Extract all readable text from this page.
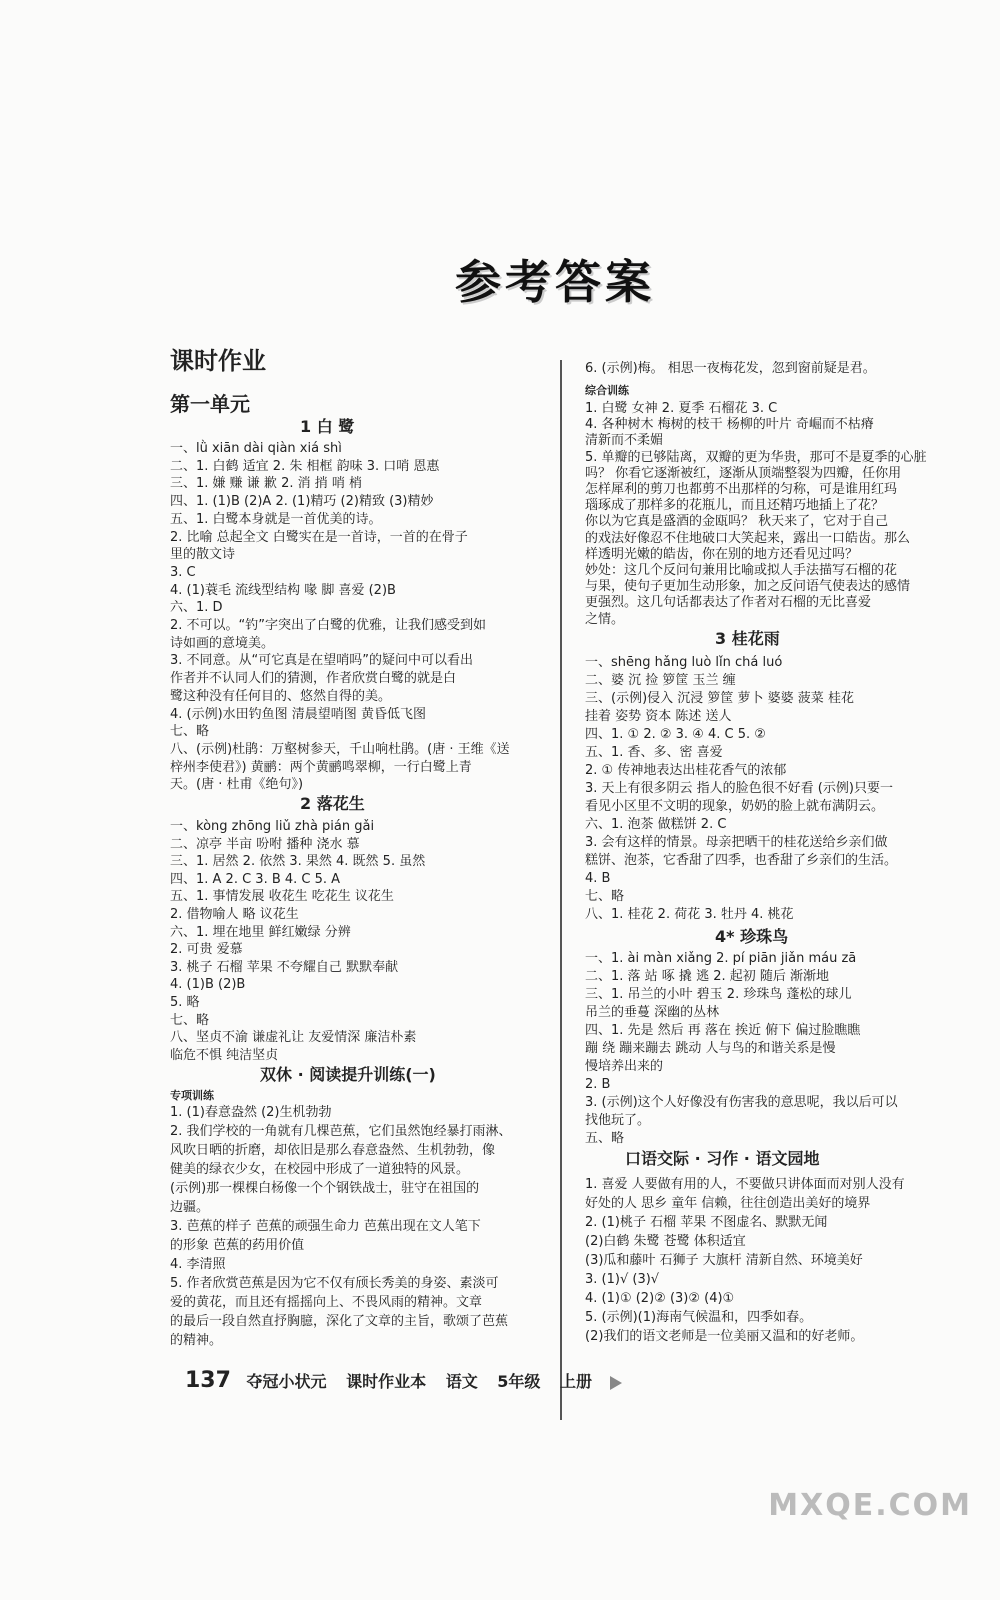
参考答案
课时作业
第一单元
1 白 鹭
一、lǜ xiān dài qiàn xiá shì
二、1. 白鹤 适宜 2. 朱 相框 韵味 3. 口哨 恩惠
三、1. 嫌 赚 谦 歉 2. 消 捎 哨 梢
四、1. (1)B (2)A 2. (1)精巧 (2)精致 (3)精妙
五、1. 白鹭本身就是一首优美的诗。
2. 比喻 总起全文 白鹭实在是一首诗，一首的在骨子
里的散文诗
3. C
4. (1)蓑毛 流线型结构 喙 脚 喜爱 (2)B
六、1. D
2. 不可以。“钓”字突出了白鹭的优雅，让我们感受到如
诗如画的意境美。
3. 不同意。从“可它真是在望哨吗”的疑问中可以看出
作者并不认同人们的猜测，作者欣赏白鹭的就是白
鹭这种没有任何目的、悠然自得的美。
4. (示例)水田钓鱼图 清晨望哨图 黄昏低飞图
七、略
八、(示例)杜鹃：万壑树参天，千山响杜鹃。(唐 · 王维《送
梓州李使君》) 黄鹂：两个黄鹂鸣翠柳，一行白鹭上青
天。(唐 · 杜甫《绝句》)
2 落花生
一、kòng zhōng liǔ zhà pián gǎi
二、凉亭 半亩 吩咐 播种 浇水 慕
三、1. 居然 2. 依然 3. 果然 4. 既然 5. 虽然
四、1. A 2. C 3. B 4. C 5. A
五、1. 事情发展 收花生 吃花生 议花生
2. 借物喻人 略 议花生
六、1. 埋在地里 鲜红嫩绿 分辨
2. 可贵 爱慕
3. 桃子 石榴 苹果 不夸耀自己 默默奉献
4. (1)B (2)B
5. 略
七、略
八、坚贞不渝 谦虚礼让 友爱情深 廉洁朴素
临危不惧 纯洁坚贞
双休 · 阅读提升训练(一)
专项训练
1. (1)春意盎然 (2)生机勃勃
2. 我们学校的一角就有几棵芭蕉，它们虽然饱经暴打雨淋、
风吹日晒的折磨，却依旧是那么春意盎然、生机勃勃，像
健美的绿衣少女，在校园中形成了一道独特的风景。
(示例)那一棵棵白杨像一个个钢铁战士，驻守在祖国的
边疆。
3. 芭蕉的样子 芭蕉的顽强生命力 芭蕉出现在文人笔下
的形象 芭蕉的药用价值
4. 李清照
5. 作者欣赏芭蕉是因为它不仅有颀长秀美的身姿、素淡可
爱的黄花，而且还有摇摇向上、不畏风雨的精神。文章
的最后一段自然直抒胸臆，深化了文章的主旨，歌颂了芭蕉
的精神。
6. (示例)梅。 相思一夜梅花发，忽到窗前疑是君。
综合训练
1. 白鹭 女神 2. 夏季 石榴花 3. C
4. 各种树木 梅树的枝干 杨柳的叶片 奇崛而不枯瘠
清新而不柔媚
5. 单瓣的已够陆离，双瓣的更为华贵，那可不是夏季的心脏
吗？ 你看它逐渐被红，逐渐从顶端整裂为四瓣，任你用
怎样犀利的剪刀也都剪不出那样的匀称，可是谁用红玛
瑙琢成了那样多的花瓶儿，而且还精巧地插上了花？
你以为它真是盛酒的金瓯吗？ 秋天来了，它对于自己
的戏法好像忍不住地破口大笑起来，露出一口皓齿。那么
样透明光嫩的皓齿，你在别的地方还看见过吗？
妙处：这几个反问句兼用比喻或拟人手法描写石榴的花
与果，使句子更加生动形象，加之反问语气使表达的感情
更强烈。这几句话都表达了作者对石榴的无比喜爱
之情。
3 桂花雨
一、shēng hǎng luò lǐn chá luó
二、婆 沉 捡 箩筐 玉兰 缠
三、(示例)侵入 沉浸 箩筐 萝卜 婆婆 菠菜 桂花
挂着 姿势 资本 陈述 送人
四、1. ① 2. ② 3. ④ 4. C 5. ②
五、1. 香、多、密 喜爱
2. ① 传神地表达出桂花香气的浓郁
3. 天上有很多阴云 指人的脸色很不好看 (示例)只要一
看见小区里不文明的现象，奶奶的脸上就布满阴云。
六、1. 泡茶 做糕饼 2. C
3. 会有这样的情景。母亲把晒干的桂花送给乡亲们做
糕饼、泡茶，它香甜了四季，也香甜了乡亲们的生活。
4. B
七、略
八、1. 桂花 2. 荷花 3. 牡丹 4. 桃花
4* 珍珠鸟
一、1. ài màn xiǎng 2. pí piān jiǎn máu zā
二、1. 落 站 啄 撬 逃 2. 起初 随后 渐渐地
三、1. 吊兰的小叶 碧玉 2. 珍珠鸟 蓬松的球儿
吊兰的垂蔓 深幽的丛林
四、1. 先是 然后 再 落在 挨近 俯下 偏过脸瞧瞧
蹦 绕 蹦来蹦去 跳动 人与鸟的和谐关系是慢
慢培养出来的
2. B
3. (示例)这个人好像没有伤害我的意思呢，我以后可以
找他玩了。
五、略
口语交际 · 习作 · 语文园地
1. 喜爱 人要做有用的人，不要做只讲体面而对别人没有
好处的人 思乡 童年 信赖，往往创造出美好的境界
2. (1)桃子 石榴 苹果 不图虚名、默默无闻
(2)白鹤 朱鹭 苍鹭 体积适宜
(3)瓜和藤叶 石狮子 大旗杆 清新自然、环境美好
3. (1)√ (3)√
4. (1)① (2)② (3)② (4)①
5. (示例)(1)海南气候温和，四季如春。
(2)我们的语文老师是一位美丽又温和的好老师。
137 夺冠小状元 课时作业本 语文 5年级 上册
MXQE.COM
